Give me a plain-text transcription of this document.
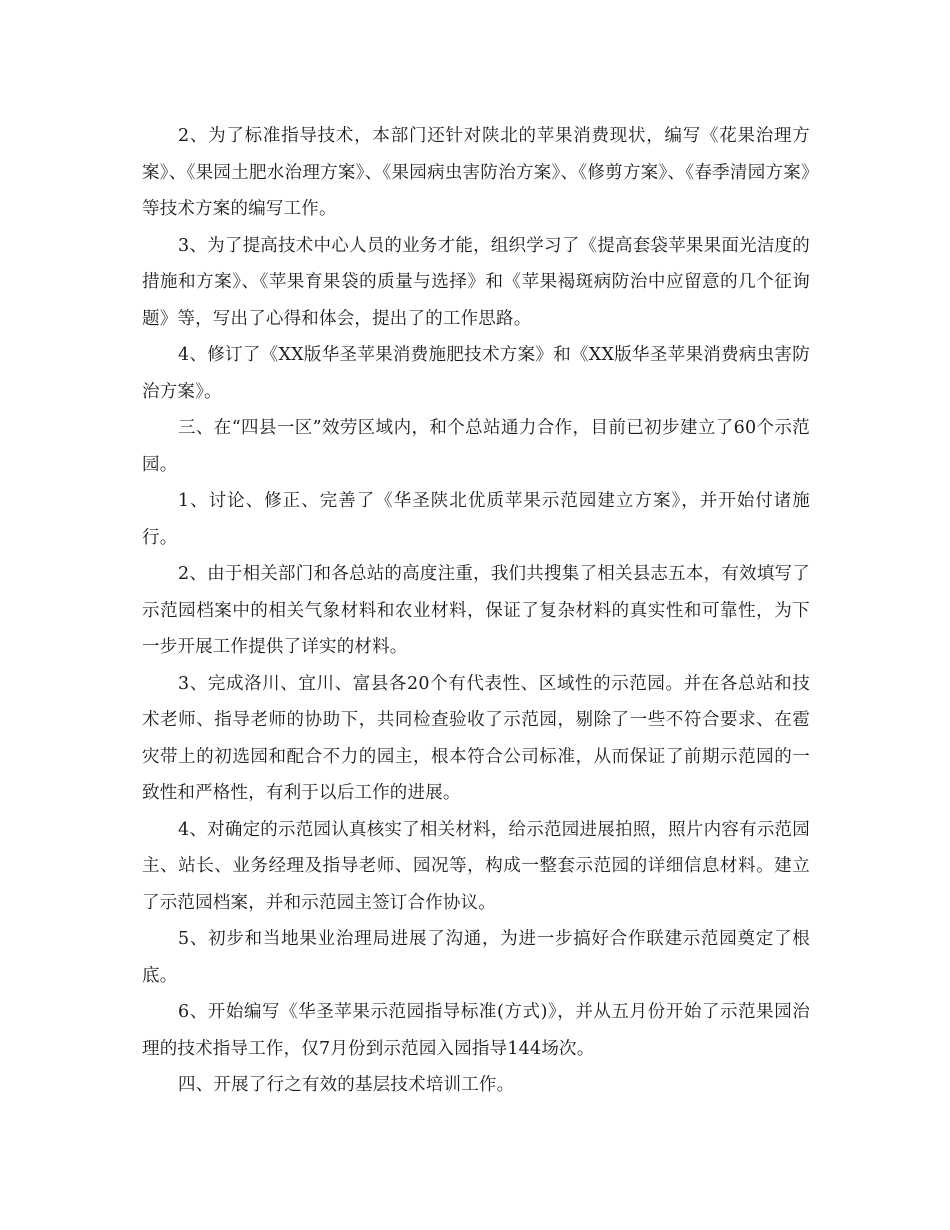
2、为了标准指导技术，本部门还针对陕北的苹果消费现状，编写《花果治理方案》、《果园土肥水治理方案》、《果园病虫害防治方案》、《修剪方案》、《春季清园方案》等技术方案的编写工作。

3、为了提高技术中心人员的业务才能，组织学习了《提高套袋苹果果面光洁度的措施和方案》、《苹果育果袋的质量与选择》和《苹果褐斑病防治中应留意的几个征询题》等，写出了心得和体会，提出了的工作思路。

4、修订了《XX版华圣苹果消费施肥技术方案》和《XX版华圣苹果消费病虫害防治方案》。

三、在“四县一区”效劳区域内，和个总站通力合作，目前已初步建立了60个示范园。

1、讨论、修正、完善了《华圣陕北优质苹果示范园建立方案》，并开始付诸施行。

2、由于相关部门和各总站的高度注重，我们共搜集了相关县志五本，有效填写了示范园档案中的相关气象材料和农业材料，保证了复杂材料的真实性和可靠性，为下一步开展工作提供了详实的材料。

3、完成洛川、宜川、富县各20个有代表性、区域性的示范园。并在各总站和技术老师、指导老师的协助下，共同检查验收了示范园，剔除了一些不符合要求、在雹灾带上的初选园和配合不力的园主，根本符合公司标准，从而保证了前期示范园的一致性和严格性，有利于以后工作的进展。

4、对确定的示范园认真核实了相关材料，给示范园进展拍照，照片内容有示范园主、站长、业务经理及指导老师、园况等，构成一整套示范园的详细信息材料。建立了示范园档案，并和示范园主签订合作协议。

5、初步和当地果业治理局进展了沟通，为进一步搞好合作联建示范园奠定了根底。

6、开始编写《华圣苹果示范园指导标准(方式)》，并从五月份开始了示范果园治理的技术指导工作，仅7月份到示范园入园指导144场次。

四、开展了行之有效的基层技术培训工作。
